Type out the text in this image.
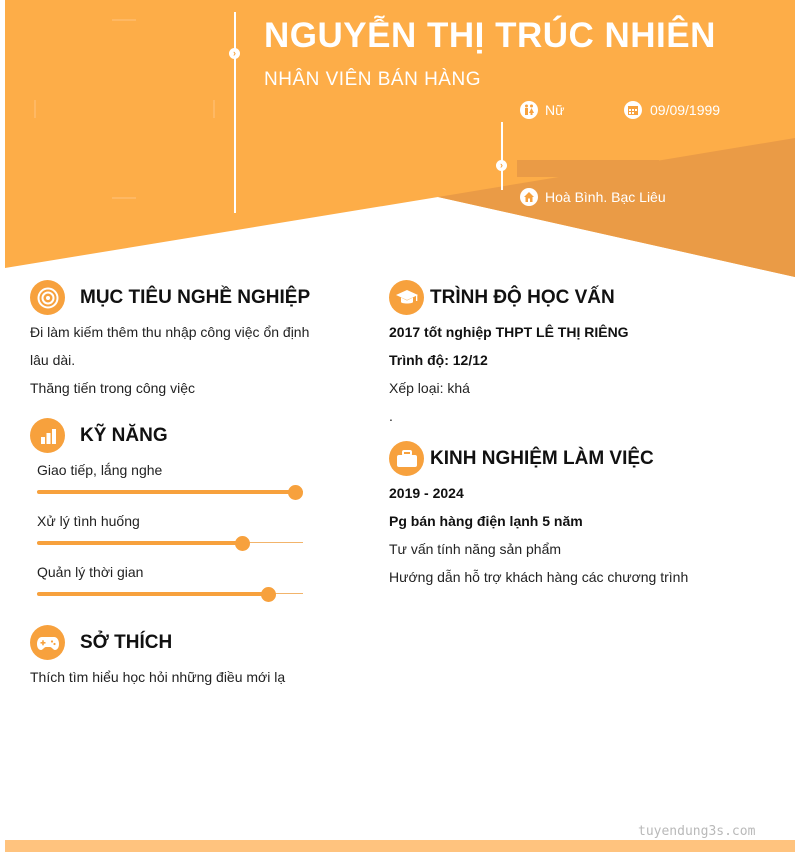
›
›
NGUYỄN THỊ TRÚC NHIÊN
NHÂN VIÊN BÁN HÀNG
Nữ	09/09/1999
Hoà Bình. Bạc Liêu
MỤC TIÊU NGHỀ NGHIỆP
Đi làm kiếm thêm thu nhập công việc ổn định
lâu dài.
Thăng tiến trong công việc
KỸ NĂNG
Giao tiếp, lắng nghe
Xử lý tình huống
Quản lý thời gian
SỞ THÍCH
Thích tìm hiểu học hỏi những điều mới lạ
TRÌNH ĐỘ HỌC VẤN
2017 tốt nghiệp THPT LÊ THỊ RIÊNG
Trình độ: 12/12
Xếp loại: khá
.
KINH NGHIỆM LÀM VIỆC
2019 - 2024
Pg bán hàng điện lạnh 5 năm
Tư vấn tính năng sản phẩm
Hướng dẫn hỗ trợ khách hàng các chương trình
tuyendung3s.com
